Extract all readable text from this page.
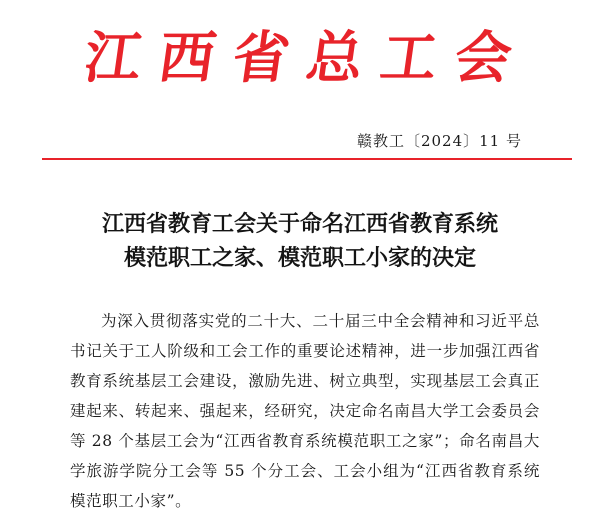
江西省总工会
赣教工〔2024〕11 号
江西省教育工会关于命名江西省教育系统
模范职工之家、模范职工小家的决定
为深入贯彻落实党的二十大、二十届三中全会精神和习近平总书记关于工人阶级和工会工作的重要论述精神，进一步加强江西省教育系统基层工会建设，激励先进、树立典型，实现基层工会真正建起来、转起来、强起来，经研究，决定命名南昌大学工会委员会等 28 个基层工会为“江西省教育系统模范职工之家”；命名南昌大学旅游学院分工会等 55 个分工会、工会小组为“江西省教育系统模范职工小家”。
